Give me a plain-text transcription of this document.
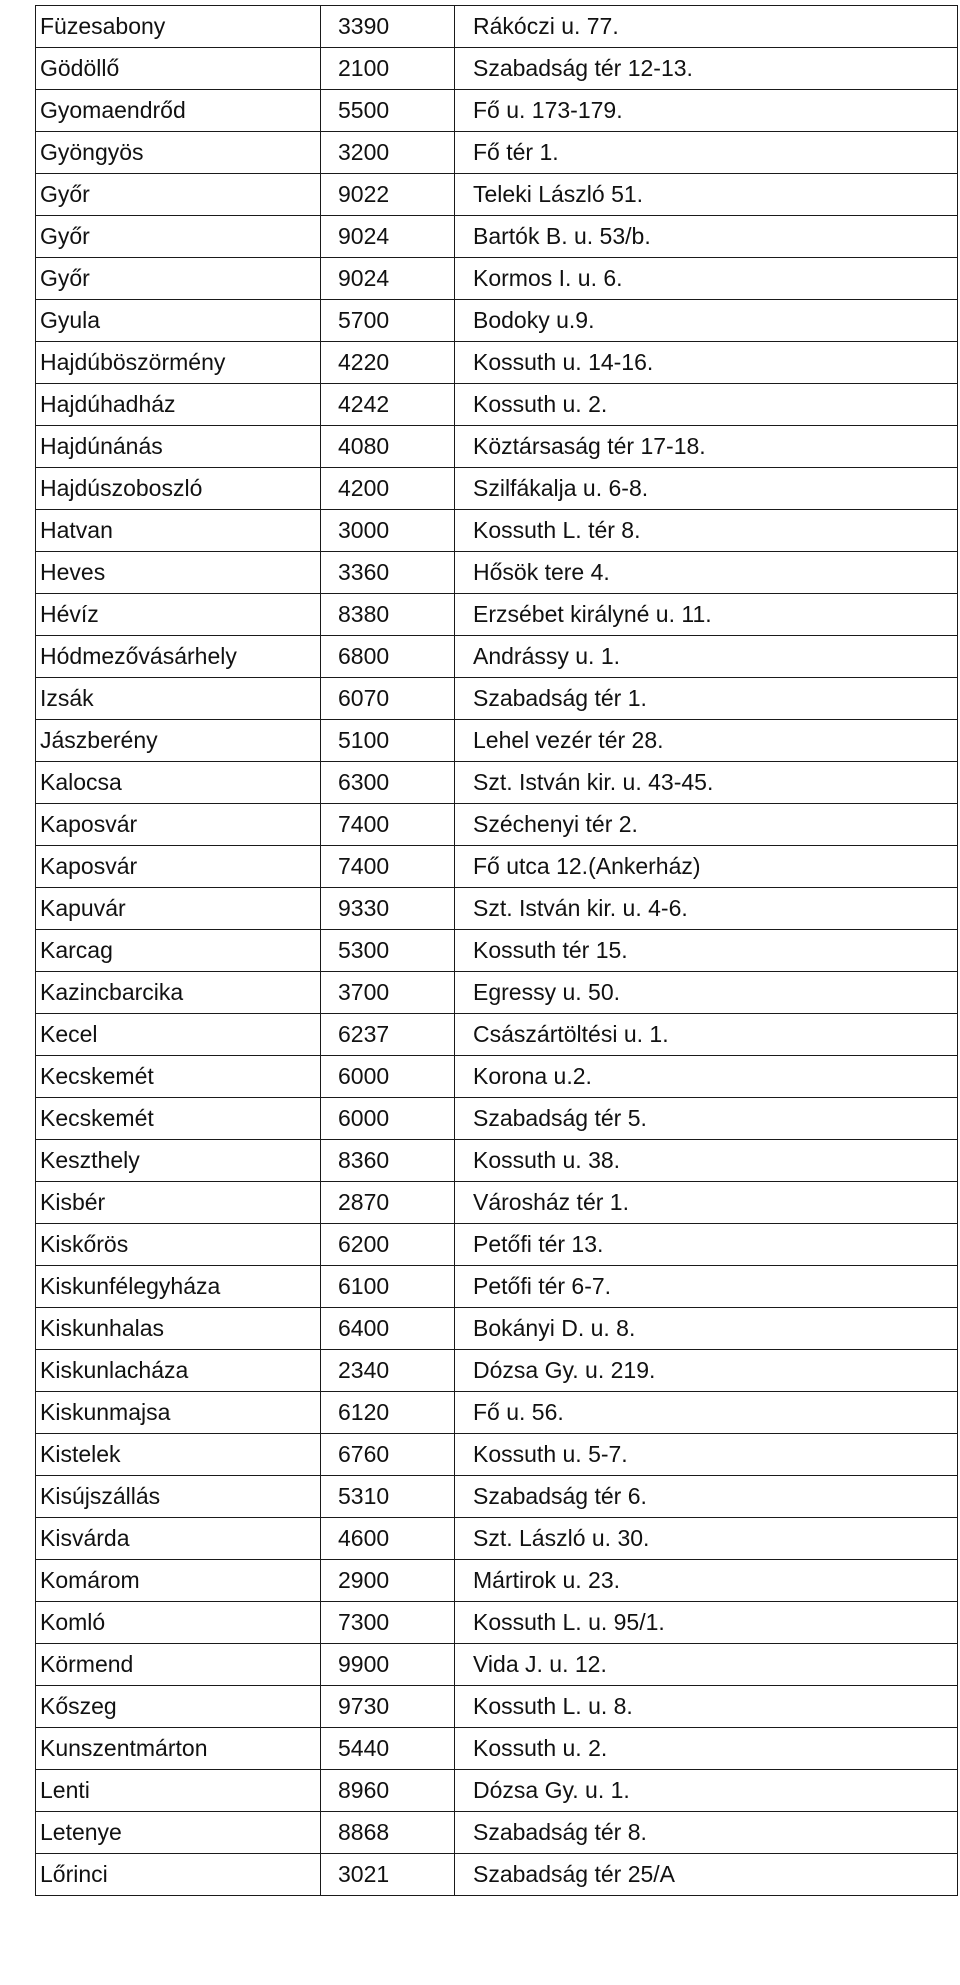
Füzesabony	3390	Rákóczi u. 77.
Gödöllő	2100	Szabadság tér 12-13.
Gyomaendrőd	5500	Fő u. 173-179.
Gyöngyös	3200	Fő tér 1.
Győr	9022	Teleki László 51.
Győr	9024	Bartók B. u. 53/b.
Győr	9024	Kormos I. u. 6.
Gyula	5700	Bodoky u.9.
Hajdúböszörmény	4220	Kossuth u. 14-16.
Hajdúhadház	4242	Kossuth u. 2.
Hajdúnánás	4080	Köztársaság tér 17-18.
Hajdúszoboszló	4200	Szilfákalja u. 6-8.
Hatvan	3000	Kossuth L. tér 8.
Heves	3360	Hősök tere 4.
Hévíz	8380	Erzsébet királyné u. 11.
Hódmezővásárhely	6800	Andrássy u. 1.
Izsák	6070	Szabadság tér 1.
Jászberény	5100	Lehel vezér tér 28.
Kalocsa	6300	Szt. István kir. u. 43-45.
Kaposvár	7400	Széchenyi tér 2.
Kaposvár	7400	Fő utca 12.(Ankerház)
Kapuvár	9330	Szt. István kir. u. 4-6.
Karcag	5300	Kossuth tér 15.
Kazincbarcika	3700	Egressy u. 50.
Kecel	6237	Császártöltési u. 1.
Kecskemét	6000	Korona u.2.
Kecskemét	6000	Szabadság tér 5.
Keszthely	8360	Kossuth u. 38.
Kisbér	2870	Városház tér 1.
Kiskőrös	6200	Petőfi tér 13.
Kiskunfélegyháza	6100	Petőfi tér 6-7.
Kiskunhalas	6400	Bokányi D. u. 8.
Kiskunlacháza	2340	Dózsa Gy. u. 219.
Kiskunmajsa	6120	Fő u. 56.
Kistelek	6760	Kossuth u. 5-7.
Kisújszállás	5310	Szabadság tér 6.
Kisvárda	4600	Szt. László u. 30.
Komárom	2900	Mártirok u. 23.
Komló	7300	Kossuth L. u. 95/1.
Körmend	9900	Vida J. u. 12.
Kőszeg	9730	Kossuth L. u. 8.
Kunszentmárton	5440	Kossuth u. 2.
Lenti	8960	Dózsa Gy. u. 1.
Letenye	8868	Szabadság tér 8.
Lőrinci	3021	Szabadság tér 25/A
